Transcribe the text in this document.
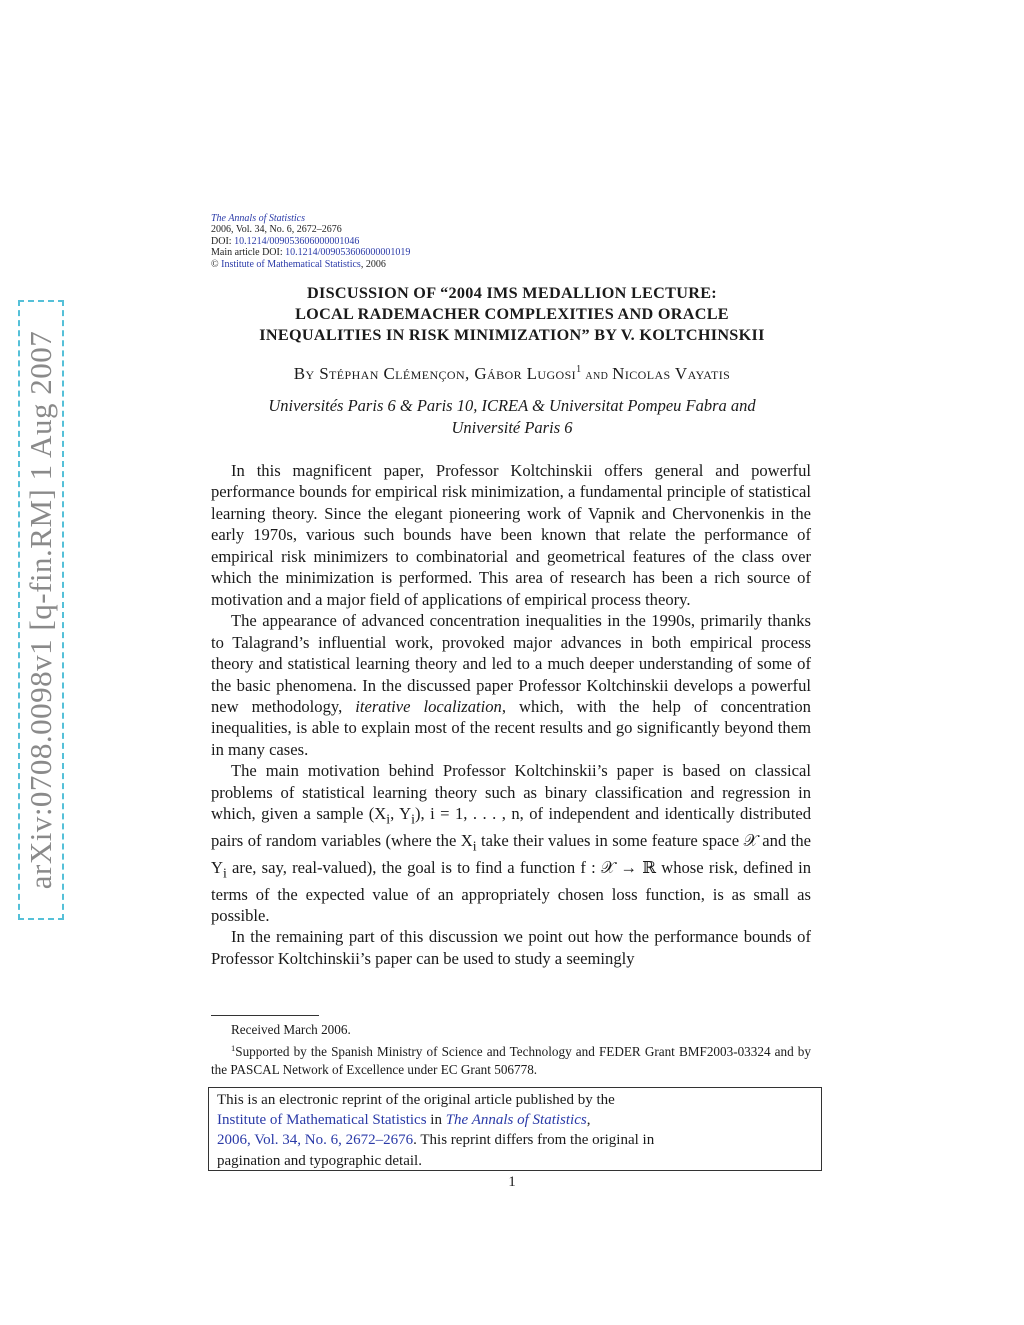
arXiv:0708.0098v1 [q-fin.RM] 1 Aug 2007
The Annals of Statistics
2006, Vol. 34, No. 6, 2672–2676
DOI: 10.1214/009053606000001046
Main article DOI: 10.1214/009053606000001019
© Institute of Mathematical Statistics, 2006
DISCUSSION OF “2004 IMS MEDALLION LECTURE:
LOCAL RADEMACHER COMPLEXITIES AND ORACLE
INEQUALITIES IN RISK MINIMIZATION” BY V. KOLTCHINSKII
By Stéphan Clémençon, Gábor Lugosi$^1$ and Nicolas Vayatis
Universités Paris 6 & Paris 10, ICREA & Universitat Pompeu Fabra and
Université Paris 6

In this magnificent paper, Professor Koltchinskii offers general and powerful performance bounds for empirical risk minimization, a fundamental principle of statistical learning theory. Since the elegant pioneering work of Vapnik and Chervonenkis in the early 1970s, various such bounds have been known that relate the performance of empirical risk minimizers to combinatorial and geometrical features of the class over which the minimization is performed. This area of research has been a rich source of motivation and a major field of applications of empirical process theory.

The appearance of advanced concentration inequalities in the 1990s, primarily thanks to Talagrand’s influential work, provoked major advances in both empirical process theory and statistical learning theory and led to a much deeper understanding of some of the basic phenomena. In the discussed paper Professor Koltchinskii develops a powerful new methodology, iterative localization, which, with the help of concentration inequalities, is able to explain most of the recent results and go significantly beyond them in many cases.

The main motivation behind Professor Koltchinskii’s paper is based on classical problems of statistical learning theory such as binary classification and regression in which, given a sample ($X_i$, $Y_i$), i = 1, . . . , n, of independent and identically distributed pairs of random variables (where the $X_i$ take their values in some feature space 𝒳 and the $Y_i$ are, say, real-valued), the goal is to find a function f : 𝒳 → ℝ whose risk, defined in terms of the expected value of an appropriately chosen loss function, is as small as possible.

In the remaining part of this discussion we point out how the performance bounds of Professor Koltchinskii’s paper can be used to study a seemingly

Received March 2006.

$^1$Supported by the Spanish Ministry of Science and Technology and FEDER Grant BMF2003-03324 and by the PASCAL Network of Excellence under EC Grant 506778.

This is an electronic reprint of the original article published by the
Institute of Mathematical Statistics in The Annals of Statistics,
2006, Vol. 34, No. 6, 2672–2676. This reprint differs from the original in
pagination and typographic detail.
1
